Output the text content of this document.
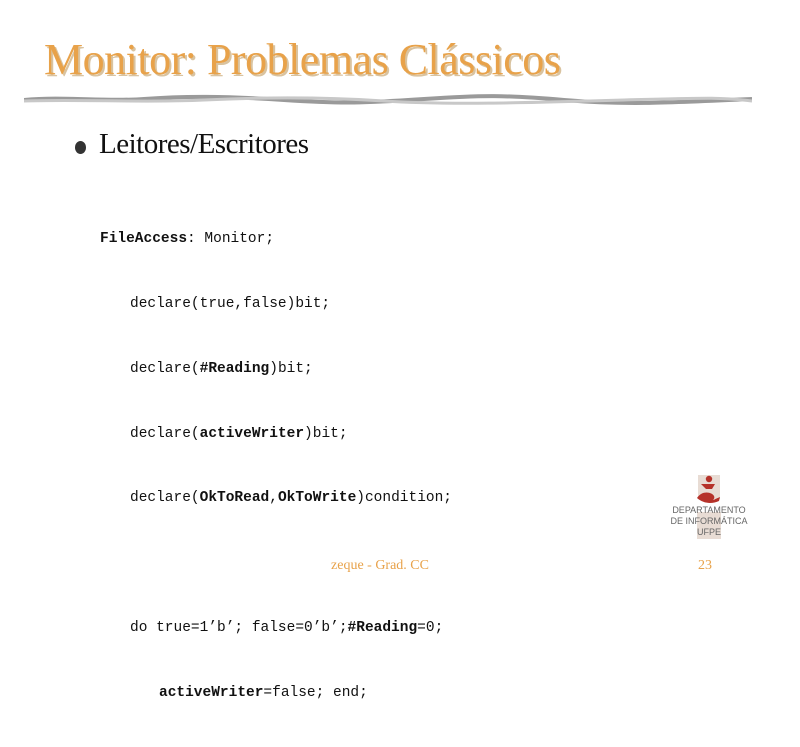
Monitor: Problemas Clássicos
Leitores/Escritores

FileAccess: Monitor;

declare(true,false)bit;

declare(#Reading)bit;

declare(activeWriter)bit;

declare(OkToRead,OkToWrite)condition;

do true=1’b’; false=0’b’;#Reading=0;

activeWriter=false; end;

DEPARTAMENTO
DE INFORMÁTICA
UFPE
zeque - Grad. CC	23
